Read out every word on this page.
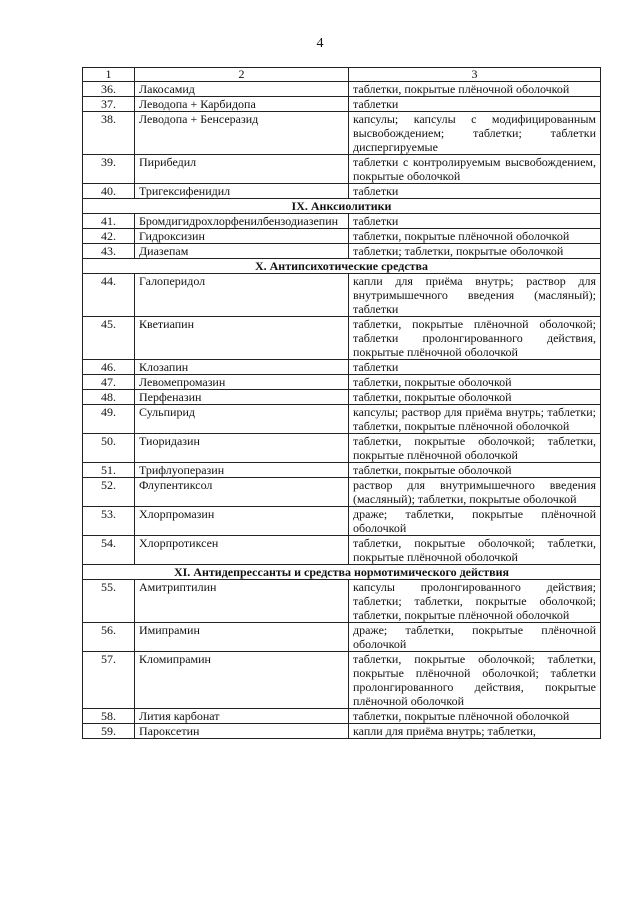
4
1	2	3
36.	Лакосамид	таблетки, покрытые плёночной оболочкой
37.	Леводопа + Карбидопа	таблетки
38.	Леводопа + Бенсеразид	капсулы; капсулы с модифицированным высвобождением; таблетки; таблетки диспергируемые
39.	Пирибедил	таблетки с контролируемым высвобождением, покрытые оболочкой
40.	Тригексифенидил	таблетки
IX. Анксиолитики		
41.	Бромдигидрохлорфенилбензодиазепин	таблетки
42.	Гидроксизин	таблетки, покрытые плёночной оболочкой
43.	Диазепам	таблетки; таблетки, покрытые оболочкой
X. Антипсихотические средства		
44.	Галоперидол	капли для приёма внутрь; раствор для внутримышечного введения (масляный); таблетки
45.	Кветиапин	таблетки, покрытые плёночной оболочкой; таблетки пролонгированного действия, покрытые плёночной оболочкой
46.	Клозапин	таблетки
47.	Левомепромазин	таблетки, покрытые оболочкой
48.	Перфеназин	таблетки, покрытые оболочкой
49.	Сульпирид	капсулы; раствор для приёма внутрь; таблетки; таблетки, покрытые плёночной оболочкой
50.	Тиоридазин	таблетки, покрытые оболочкой; таблетки, покрытые плёночной оболочкой
51.	Трифлуоперазин	таблетки, покрытые оболочкой
52.	Флупентиксол	раствор для внутримышечного введения (масляный); таблетки, покрытые оболочкой
53.	Хлорпромазин	драже; таблетки, покрытые плёночной оболочкой
54.	Хлорпротиксен	таблетки, покрытые оболочкой; таблетки, покрытые плёночной оболочкой
XI. Антидепрессанты и средства нормотимического действия		
55.	Амитриптилин	капсулы пролонгированного действия; таблетки; таблетки, покрытые оболочкой; таблетки, покрытые плёночной оболочкой
56.	Имипрамин	драже; таблетки, покрытые плёночной оболочкой
57.	Кломипрамин	таблетки, покрытые оболочкой; таблетки, покрытые плёночной оболочкой; таблетки пролонгированного действия, покрытые плёночной оболочкой
58.	Лития карбонат	таблетки, покрытые плёночной оболочкой
59.	Пароксетин	капли для приёма внутрь; таблетки,
